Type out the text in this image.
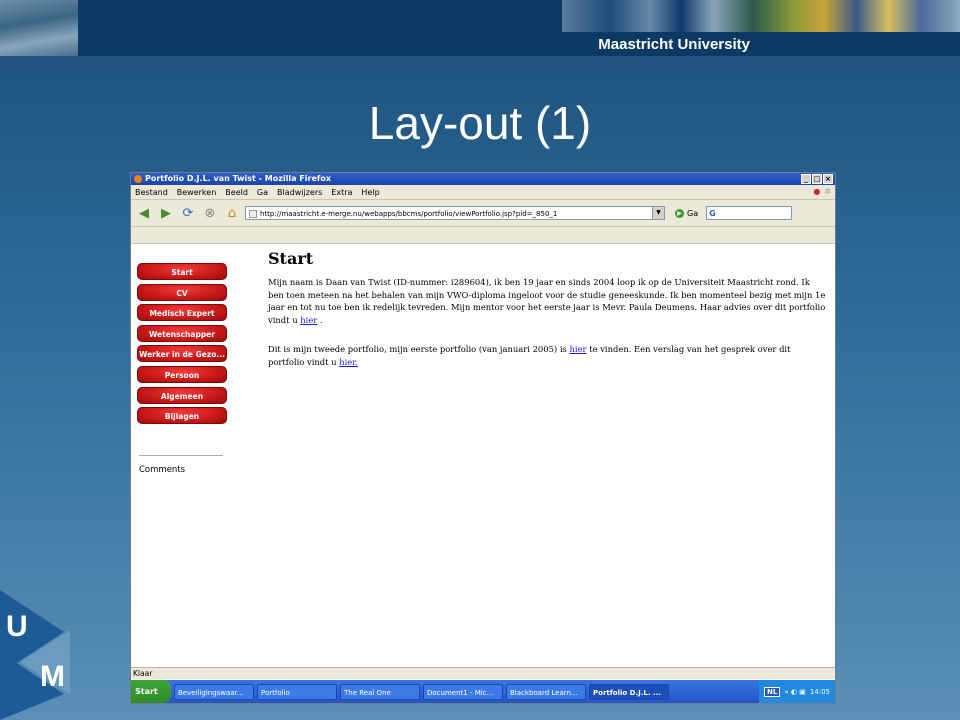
Maastricht University
Lay-out (1)
U
M
Portfolio D.J.L. van Twist - Mozilla Firefox	_ □ ×
Bestand Bewerken Beeld Ga Bladwijzers Extra Help	● ✲
◀ ▶ ⟳ ⊗ ⌂	http://maastricht.e-merge.nu/webapps/bbcms/portfolio/viewPortfolio.jsp?pid=_850_1	▼	▶ Ga	G
Start
CV
Medisch Expert
Wetenschapper
Werker in de Gezo...
Persoon
Algemeen
Bijlagen
Comments
Start

Mijn naam is Daan van Twist (ID-nummer: i289604), ik ben 19 jaar en sinds 2004 loop ik op de Universiteit Maastricht rond. Ik ben toen meteen na het behalen van mijn VWO-diploma ingeloot voor de studie geneeskunde. Ik ben momenteel bezig met mijn 1e jaar en tot nu toe ben ik redelijk tevreden. Mijn mentor voor het eerste jaar is Mevr. Paula Deumens. Haar advies over dit portfolio vindt u hier .

Dit is mijn tweede portfolio, mijn eerste portfolio (van januari 2005) is hier te vinden. Een verslag van het gesprek over dit portfolio vindt u hier.

Klaar
Start	Beveiligingswaar...	Portfolio	The Real One	Document1 - Mic...	Blackboard Learn...	Portfolio D.J.L. ...	NL	« ◐ ▣ 14:05
